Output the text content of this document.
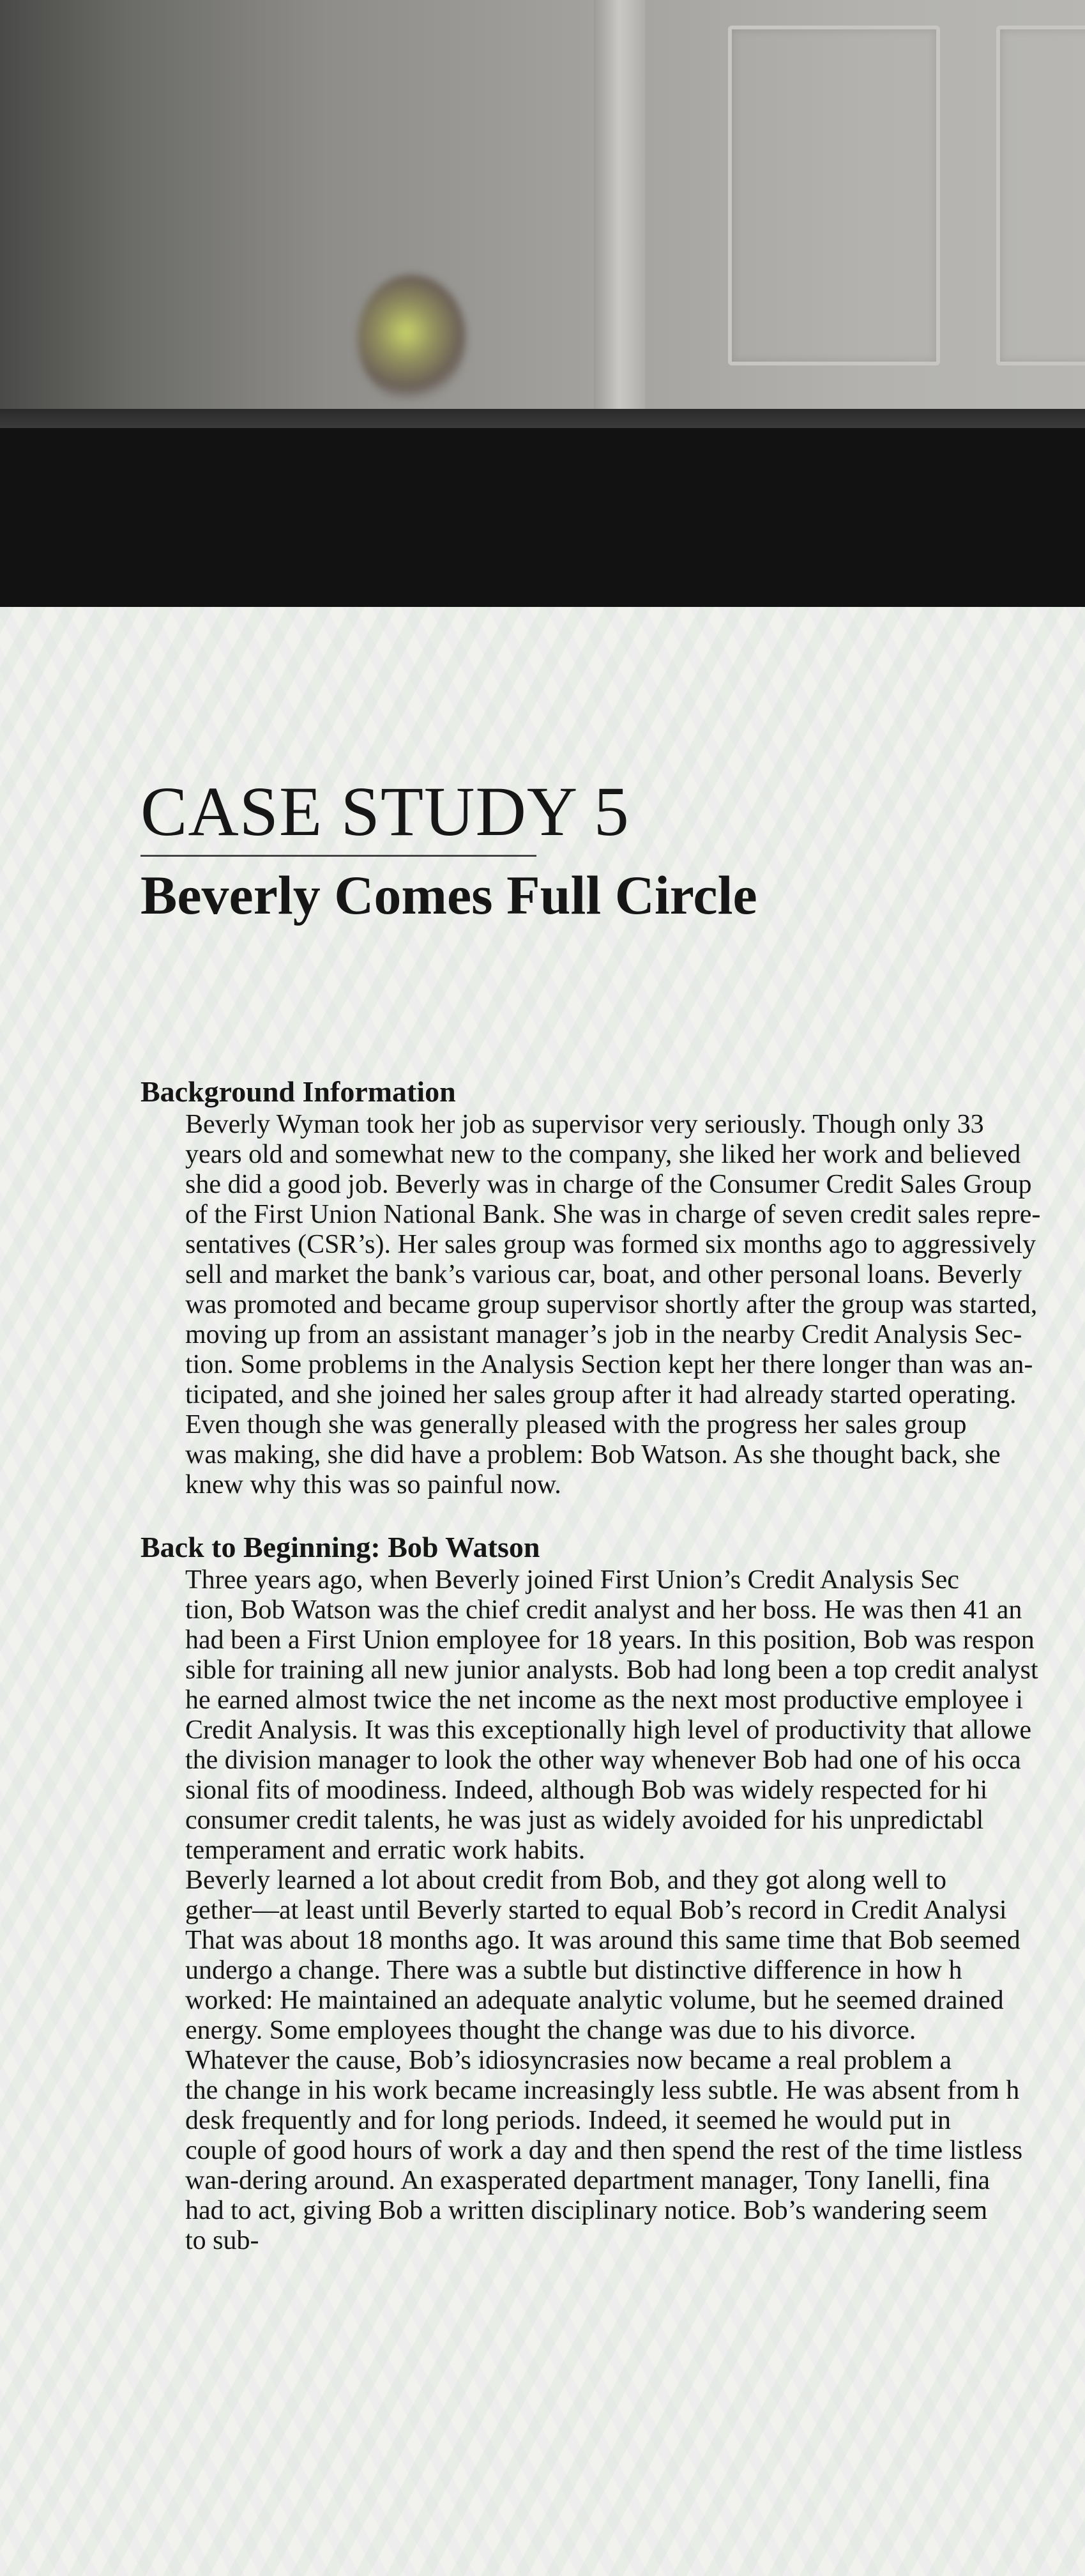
CASE STUDY 5
Beverly Comes Full Circle
Background Information

Beverly Wyman took her job as supervisor very seriously. Though only 33
years old and somewhat new to the company, she liked her work and believed
she did a good job. Beverly was in charge of the Consumer Credit Sales Group
of the First Union National Bank. She was in charge of seven credit sales repre-
sentatives (CSR’s). Her sales group was formed six months ago to aggressively
sell and market the bank’s various car, boat, and other personal loans. Beverly
was promoted and became group supervisor shortly after the group was started,
moving up from an assistant manager’s job in the nearby Credit Analysis Sec-
tion. Some problems in the Analysis Section kept her there longer than was an-
ticipated, and she joined her sales group after it had already started operating.

Even though she was generally pleased with the progress her sales group
was making, she did have a problem: Bob Watson. As she thought back, she
knew why this was so painful now.

Back to Beginning: Bob Watson

Three years ago, when Beverly joined First Union’s Credit Analysis Sec
tion, Bob Watson was the chief credit analyst and her boss. He was then 41 an
had been a First Union employee for 18 years. In this position, Bob was respon
sible for training all new junior analysts. Bob had long been a top credit analyst
he earned almost twice the net income as the next most productive employee i
Credit Analysis. It was this exceptionally high level of productivity that allowe
the division manager to look the other way whenever Bob had one of his occa
sional fits of moodiness. Indeed, although Bob was widely respected for hi
consumer credit talents, he was just as widely avoided for his unpredictabl
temperament and erratic work habits.

Beverly learned a lot about credit from Bob, and they got along well to
gether—at least until Beverly started to equal Bob’s record in Credit Analysi
That was about 18 months ago. It was around this same time that Bob seemed
undergo a change. There was a subtle but distinctive difference in how h
worked: He maintained an adequate analytic volume, but he seemed drained
energy. Some employees thought the change was due to his divorce.

Whatever the cause, Bob’s idiosyncrasies now became a real problem a
the change in his work became increasingly less subtle. He was absent from h
desk frequently and for long periods. Indeed, it seemed he would put in
couple of good hours of work a day and then spend the rest of the time listless
wan-dering around. An exasperated department manager, Tony Ianelli, fina
had to act, giving Bob a written disciplinary notice. Bob’s wandering seem
to sub-
